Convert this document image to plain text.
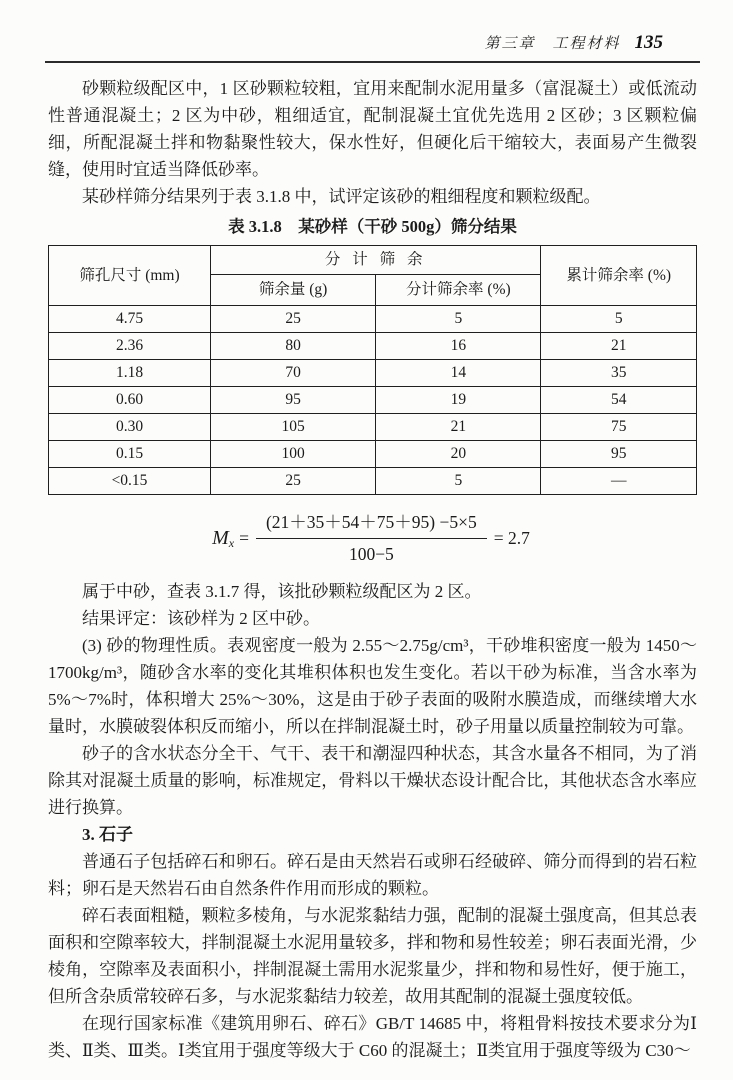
第三章　工程材料 135

砂颗粒级配区中，1 区砂颗粒较粗，宜用来配制水泥用量多（富混凝土）或低流动性普通混凝土；2 区为中砂，粗细适宜，配制混凝土宜优先选用 2 区砂；3 区颗粒偏细，所配混凝土拌和物黏聚性较大，保水性好，但硬化后干缩较大，表面易产生微裂缝，使用时宜适当降低砂率。

某砂样筛分结果列于表 3.1.8 中，试评定该砂的粗细程度和颗粒级配。

表 3.1.8　某砂样（干砂 500g）筛分结果
筛孔尺寸 (mm)	分 计 筛 余		累计筛余率 (%)
	筛余量 (g)	分计筛余率 (%)	
4.75	25	5	5
2.36	80	16	21
1.18	70	14	35
0.60	95	19	54
0.30	105	21	75
0.15	100	20	95
<0.15	25	5	—
M $x = \frac{(21+35+54+75+95) -5\times 5}{100-5} = 2.7$

属于中砂，查表 3.1.7 得，该批砂颗粒级配区为 2 区。

结果评定：该砂样为 2 区中砂。

(3) 砂的物理性质。表观密度一般为 2.55～2.75g/cm³，干砂堆积密度一般为 1450～1700kg/m³，随砂含水率的变化其堆积体积也发生变化。若以干砂为标准，当含水率为 5%～7%时，体积增大 25%～30%，这是由于砂子表面的吸附水膜造成，而继续增大水量时，水膜破裂体积反而缩小，所以在拌制混凝土时，砂子用量以质量控制较为可靠。

砂子的含水状态分全干、气干、表干和潮湿四种状态，其含水量各不相同，为了消除其对混凝土质量的影响，标准规定，骨料以干燥状态设计配合比，其他状态含水率应进行换算。

3. 石子

普通石子包括碎石和卵石。碎石是由天然岩石或卵石经破碎、筛分而得到的岩石粒料；卵石是天然岩石由自然条件作用而形成的颗粒。

碎石表面粗糙，颗粒多棱角，与水泥浆黏结力强，配制的混凝土强度高，但其总表面积和空隙率较大，拌制混凝土水泥用量较多，拌和物和易性较差；卵石表面光滑，少棱角，空隙率及表面积小，拌制混凝土需用水泥浆量少，拌和物和易性好，便于施工，但所含杂质常较碎石多，与水泥浆黏结力较差，故用其配制的混凝土强度较低。

在现行国家标准《建筑用卵石、碎石》GB/T 14685 中，将粗骨料按技术要求分为Ⅰ类、Ⅱ类、Ⅲ类。Ⅰ类宜用于强度等级大于 C60 的混凝土；Ⅱ类宜用于强度等级为 C30～
